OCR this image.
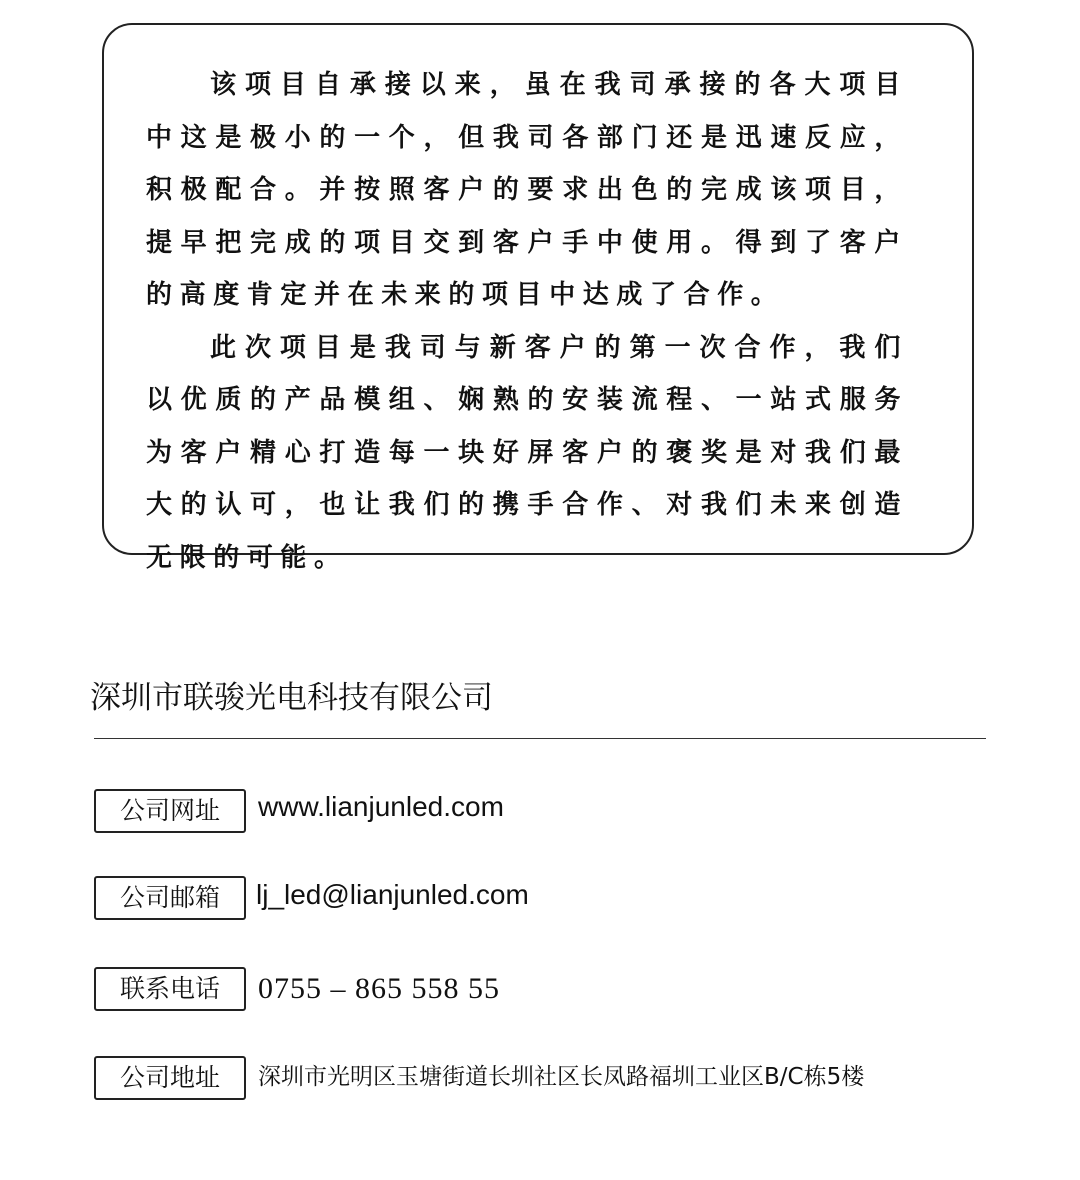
该项目自承接以来，虽在我司承接的各大项目中这是极小的一个，但我司各部门还是迅速反应，积极配合。并按照客户的要求出色的完成该项目，提早把完成的项目交到客户手中使用。得到了客户的高度肯定并在未来的项目中达成了合作。

此次项目是我司与新客户的第一次合作，我们以优质的产品模组、娴熟的安装流程、一站式服务为客户精心打造每一块好屏客户的褒奖是对我们最大的认可，也让我们的携手合作、对我们未来创造无限的可能。

深圳市联骏光电科技有限公司
公司网址	www.lianjunled.com
公司邮箱	lj_led@lianjunled.com
联系电话	0755 – 865 558 55
公司地址	深圳市光明区玉塘街道长圳社区长凤路福圳工业区B/C栋5楼
